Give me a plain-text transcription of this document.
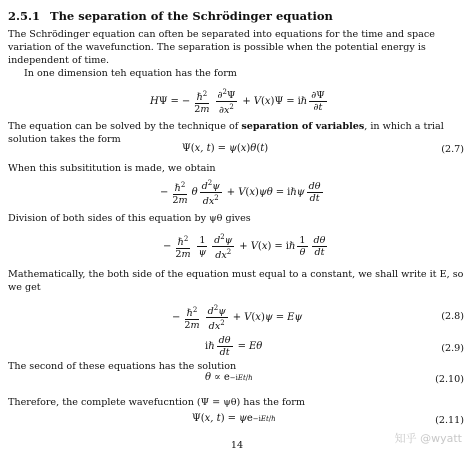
2.5.1 The separation of the Schrödinger equation
The Schrödinger equation can often be separated into equations for the time and space variation of the wavefunction. The separation is possible when the potential energy is independent of time.
In one dimension teh equation has the form
H Ψ = − $\frac{\hbar^2}{2m} \frac{\partial^2\Psi}{\partial x^2} + V$ ( x )Ψ = iℏ $\frac{\partial\Psi}{\partial t}$
The equation can be solved by the technique of separation of variables, in which a trial solution takes the form
Ψ( x, t ) = ψ ( x ) θ ( t )	(2.7)
When this subsititution is made, we obtain
− $\frac{\hbar^2}{2m}$ θ $\frac{d^2\psi}{dx^2} + V$ ( x ) ψθ = iℏ ψ $\frac{d\theta}{dt}$
Division of both sides of this equation by ψθ gives
− $\frac{\hbar^2}{2m} \frac{1}{\psi} \frac{d^2\psi}{dx^2} + V$ ( x ) = iℏ $\frac{1}{\theta} \frac{d\theta}{dt}$
Mathematically, the both side of the equation must equal to a constant, we shall write it E, so we get
− $\frac{\hbar^2}{2m} \frac{d^2\psi}{dx^2} + V$ ( x ) ψ = Eψ	(2.8)
iℏ $\frac{d\theta}{dt} = E\theta$	(2.9)
The second of these equations has the solution
θ ∝ e −iEt/ℏ	(2.10)
Therefore, the complete wavefucntion (Ψ = ψθ) has the form
Ψ( x, t ) = ψ e −iEt/ℏ	(2.11)
知乎 @wyatt
14
